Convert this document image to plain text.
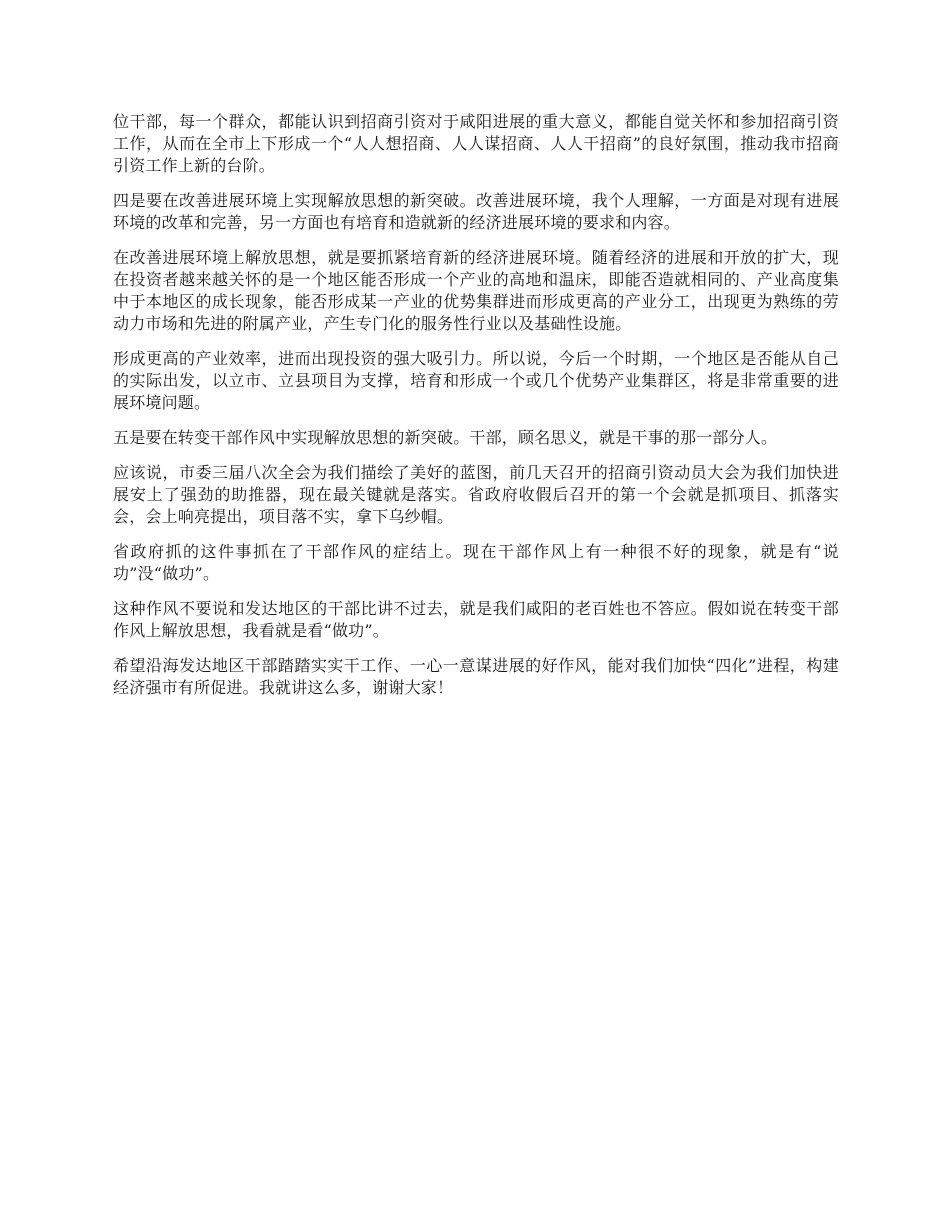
位干部，每一个群众，都能认识到招商引资对于咸阳进展的重大意义，都能自觉关怀和参加招商引资工作，从而在全市上下形成一个“人人想招商、人人谋招商、人人干招商”的良好氛围，推动我市招商引资工作上新的台阶。

四是要在改善进展环境上实现解放思想的新突破。改善进展环境，我个人理解，一方面是对现有进展环境的改革和完善，另一方面也有培育和造就新的经济进展环境的要求和内容。

在改善进展环境上解放思想，就是要抓紧培育新的经济进展环境。随着经济的进展和开放的扩大，现在投资者越来越关怀的是一个地区能否形成一个产业的高地和温床，即能否造就相同的、产业高度集中于本地区的成长现象，能否形成某一产业的优势集群进而形成更高的产业分工，出现更为熟练的劳动力市场和先进的附属产业，产生专门化的服务性行业以及基础性设施。

形成更高的产业效率，进而出现投资的强大吸引力。所以说，今后一个时期，一个地区是否能从自己的实际出发，以立市、立县项目为支撑，培育和形成一个或几个优势产业集群区，将是非常重要的进展环境问题。

五是要在转变干部作风中实现解放思想的新突破。干部，顾名思义，就是干事的那一部分人。

应该说，市委三届八次全会为我们描绘了美好的蓝图，前几天召开的招商引资动员大会为我们加快进展安上了强劲的助推器，现在最关键就是落实。省政府收假后召开的第一个会就是抓项目、抓落实会，会上响亮提出，项目落不实，拿下乌纱帽。

省政府抓的这件事抓在了干部作风的症结上。现在干部作风上有一种很不好的现象，就是有“说功”没“做功”。

这种作风不要说和发达地区的干部比讲不过去，就是我们咸阳的老百姓也不答应。假如说在转变干部作风上解放思想，我看就是看“做功”。

希望沿海发达地区干部踏踏实实干工作、一心一意谋进展的好作风，能对我们加快“四化”进程，构建经济强市有所促进。我就讲这么多，谢谢大家！
